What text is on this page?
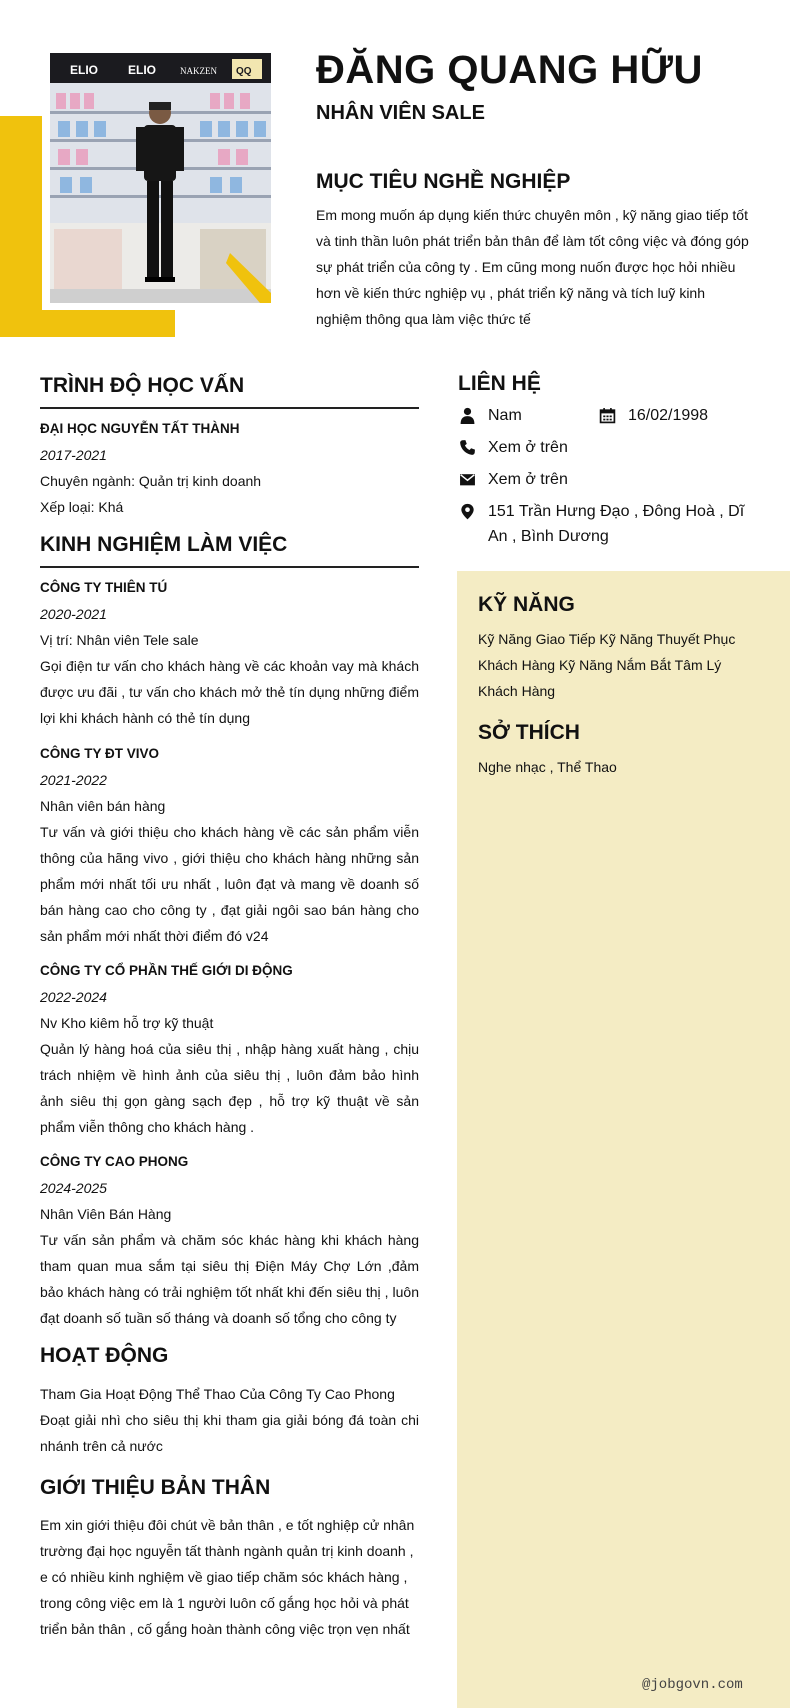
ELIO ELIO	NAKZEN QQ ĐĂNG QUANG HỮU
NHÂN VIÊN SALE
MỤC TIÊU NGHỀ NGHIỆP
Em mong muốn áp dụng kiến thức chuyên môn , kỹ năng giao tiếp tốt và tinh thần luôn phát triển bản thân để làm tốt công việc và đóng góp sự phát triển của công ty . Em cũng mong nuốn được học hỏi nhiều hơn về kiến thức nghiệp vụ , phát triển kỹ năng và tích luỹ kinh nghiệm thông qua làm việc thức tế
TRÌNH ĐỘ HỌC VẤN
ĐẠI HỌC NGUYỄN TẤT THÀNH
2017-2021
Chuyên ngành: Quản trị kinh doanh
Xếp loại: Khá
KINH NGHIỆM LÀM VIỆC
CÔNG TY THIÊN TÚ
2020-2021
Vị trí: Nhân viên Tele sale
Gọi điện tư vấn cho khách hàng về các khoản vay mà khách được ưu đãi , tư vấn cho khách mở thẻ tín dụng những điểm lợi khi khách hành có thẻ tín dụng
CÔNG TY ĐT VIVO
2021-2022
Nhân viên bán hàng
Tư vấn và giới thiệu cho khách hàng về các sản phẩm viễn thông của hãng vivo , giới thiệu cho khách hàng những sản phẩm mới nhất tối ưu nhất , luôn đạt và mang về doanh số bán hàng cao cho công ty , đạt giải ngôi sao bán hàng cho sản phẩm mới nhất thời điểm đó v24
CÔNG TY CỔ PHẦN THẾ GIỚI DI ĐỘNG
2022-2024
Nv Kho kiêm hỗ trợ kỹ thuật
Quản lý hàng hoá của siêu thị , nhập hàng xuất hàng , chịu trách nhiệm về hình ảnh của siêu thị , luôn đảm bảo hình ảnh siêu thị gọn gàng sạch đẹp , hỗ trợ kỹ thuật về sản phẩm viễn thông cho khách hàng .
CÔNG TY CAO PHONG
2024-2025
Nhân Viên Bán Hàng
Tư vấn sản phẩm và chăm sóc khác hàng khi khách hàng tham quan mua sắm tại siêu thị Điện Máy Chợ Lớn ,đảm bảo khách hàng có trải nghiệm tốt nhất khi đến siêu thị , luôn đạt doanh số tuần số tháng và doanh số tổng cho công ty
HOẠT ĐỘNG
Tham Gia Hoạt Động Thể Thao Của Công Ty Cao Phong
Đoạt giải nhì cho siêu thị khi tham gia giải bóng đá toàn chi nhánh trên cả nước
GIỚI THIỆU BẢN THÂN
Em xin giới thiệu đôi chút về bản thân , e tốt nghiệp cử nhân trường đại học nguyễn tất thành ngành quản trị kinh doanh , e có nhiều kinh nghiệm về giao tiếp chăm sóc khách hàng , trong công việc em là 1 người luôn cố gắng học hỏi và phát triển bản thân , cố gắng hoàn thành công việc trọn vẹn nhất
LIÊN HỆ
Nam	16/02/1998
Xem ở trên
Xem ở trên
151 Trần Hưng Đạo , Đông Hoà , Dĩ An , Bình Dương
KỸ NĂNG
Kỹ Năng Giao Tiếp Kỹ Năng Thuyết Phục Khách Hàng Kỹ Năng Nắm Bắt Tâm Lý Khách Hàng
SỞ THÍCH
Nghe nhạc , Thể Thao
@jobgovn.com
